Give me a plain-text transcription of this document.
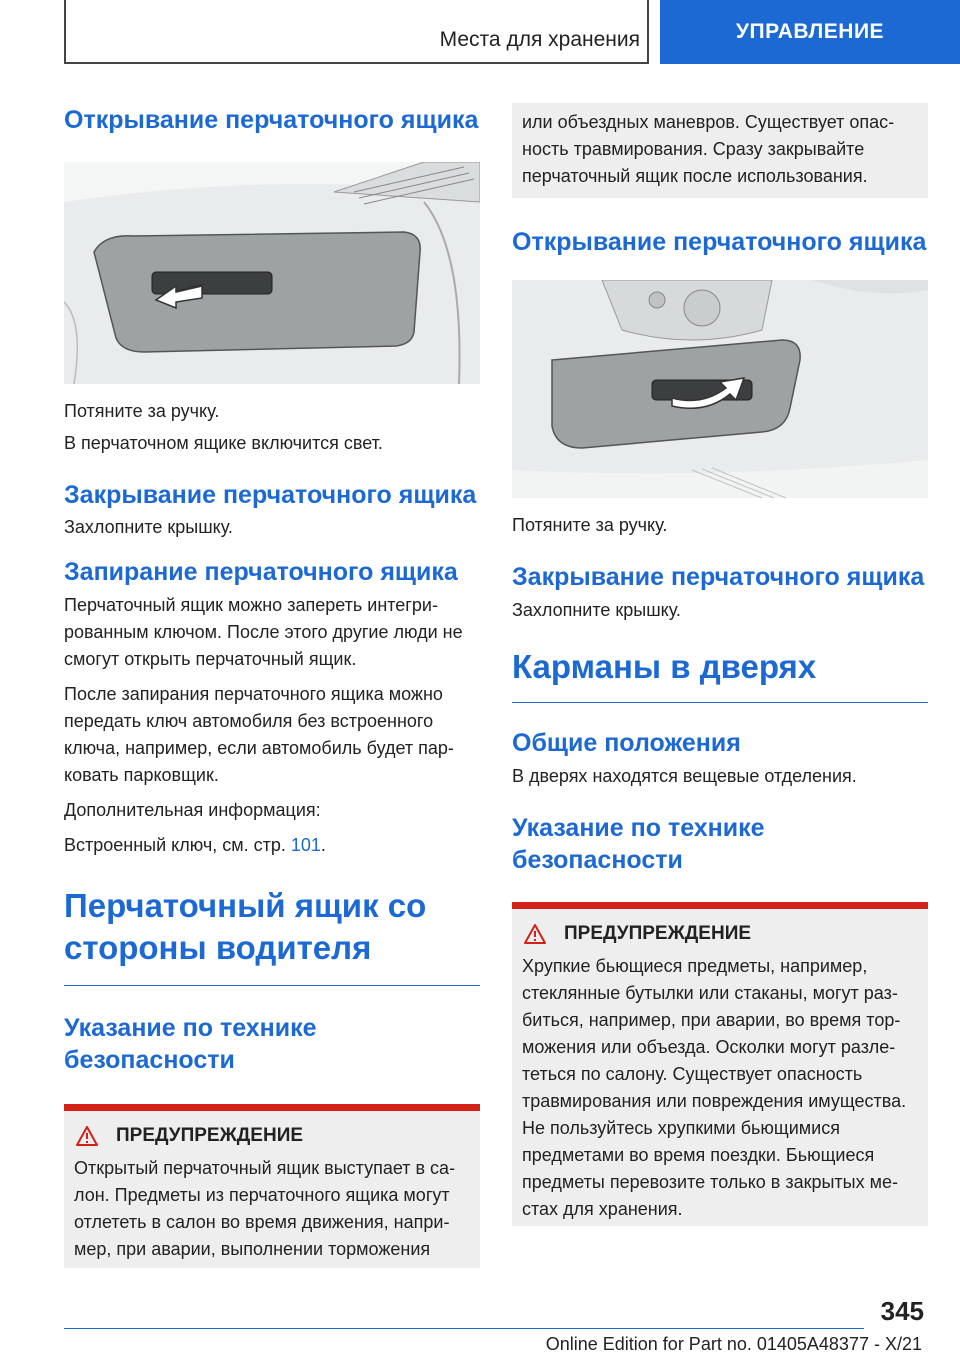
Места для хранения	УПРАВЛЕНИЕ
Открывание перчаточного ящика

Потяните за ручку.

В перчаточном ящике включится свет.

Закрывание перчаточного ящика

Захлопните крышку.

Запирание перчаточного ящика

Перчаточный ящик можно запереть интегрированным ключом. После этого другие люди не смогут открыть перчаточный ящик.

После запирания перчаточного ящика можно передать ключ автомобиля без встроенного ключа, например, если автомобиль будет парковать парковщик.

Дополнительная информация:

Встроенный ключ, см. стр. 101.

Перчаточный ящик со стороны водителя
Указание по технике безопасности
ПРЕДУПРЕЖДЕНИЕ

Открытый перчаточный ящик выступает в салон. Предметы из перчаточного ящика могут отлететь в салон во время движения, например, при аварии, выполнении торможения

или объездных маневров. Существует опасность травмирования. Сразу закрывайте перчаточный ящик после использования.

Открывание перчаточного ящика

Потяните за ручку.

Закрывание перчаточного ящика

Захлопните крышку.

Карманы в дверях
Общие положения

В дверях находятся вещевые отделения.

Указание по технике безопасности
ПРЕДУПРЕЖДЕНИЕ

Хрупкие бьющиеся предметы, например, стеклянные бутылки или стаканы, могут разбиться, например, при аварии, во время торможения или объезда. Осколки могут разлететься по салону. Существует опасность травмирования или повреждения имущества. Не пользуйтесь хрупкими бьющимися предметами во время поездки. Бьющиеся предметы перевозите только в закрытых местах для хранения.

345
Online Edition for Part no. 01405A48377 - X/21
